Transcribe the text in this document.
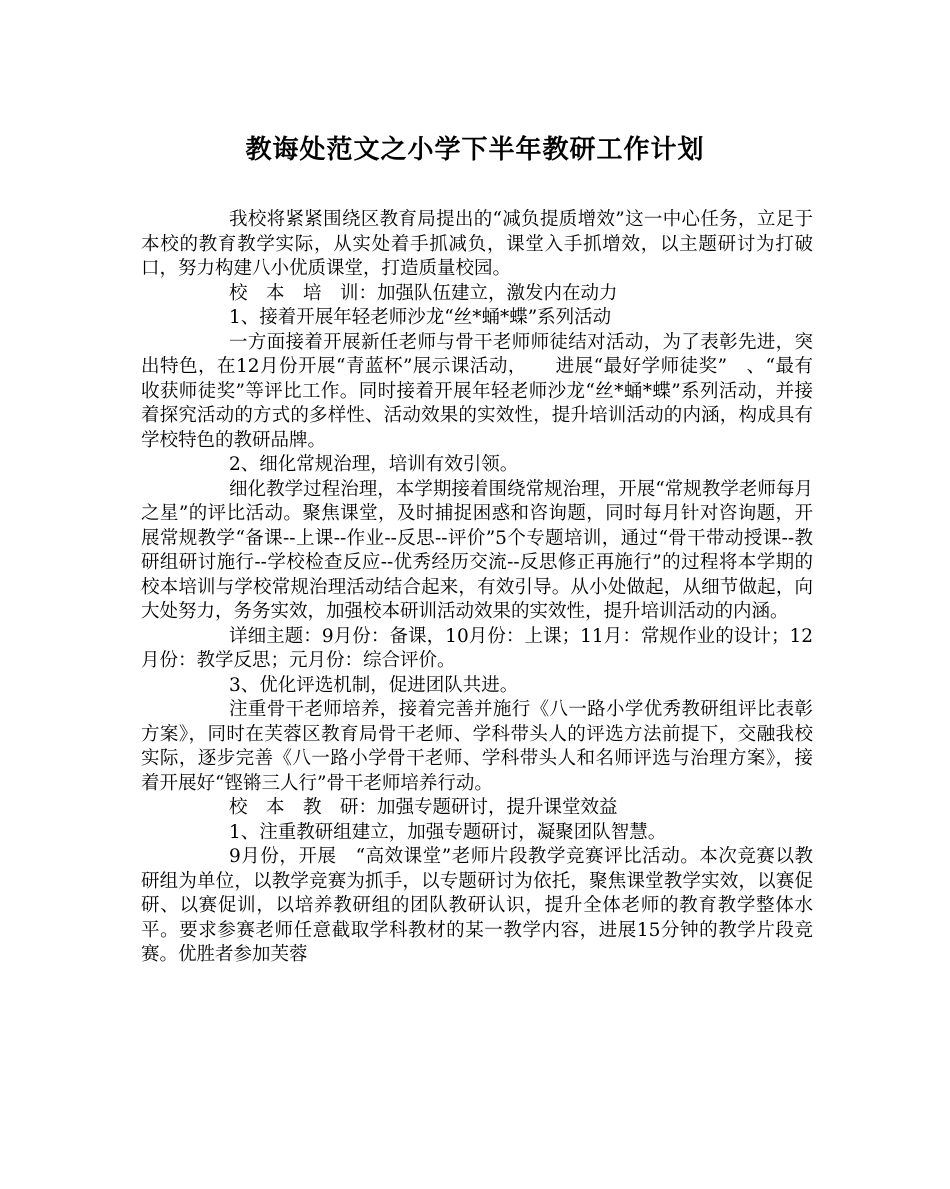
教诲处范文之小学下半年教研工作计划

我校将紧紧围绕区教育局提出的“减负提质增效”这一中心任务，立足于本校的教育教学实际，从实处着手抓减负，课堂入手抓增效，以主题研讨为打破口，努力构建八小优质课堂，打造质量校园。

校　本　培　训：加强队伍建立，激发内在动力

1、接着开展年轻老师沙龙“丝*蛹*蝶”系列活动

一方面接着开展新任老师与骨干老师师徒结对活动，为了表彰先进，突出特色，在12月份开展“青蓝杯”展示课活动，　　进展“最好学师徒奖”　、“最有收获师徒奖”等评比工作。同时接着开展年轻老师沙龙“丝*蛹*蝶”系列活动，并接着探究活动的方式的多样性、活动效果的实效性，提升培训活动的内涵，构成具有学校特色的教研品牌。

2、细化常规治理，培训有效引领。

细化教学过程治理，本学期接着围绕常规治理，开展“常规教学老师每月之星”的评比活动。聚焦课堂，及时捕捉困惑和咨询题，同时每月针对咨询题，开展常规教学“备课--上课--作业--反思--评价”5个专题培训，通过“骨干带动授课--教研组研讨施行--学校检查反应--优秀经历交流--反思修正再施行”的过程将本学期的校本培训与学校常规治理活动结合起来，有效引导。从小处做起，从细节做起，向大处努力，务务实效，加强校本研训活动效果的实效性，提升培训活动的内涵。

详细主题：9月份：备课，10月份：上课；11月：常规作业的设计；12月份：教学反思；元月份：综合评价。

3、优化评选机制，促进团队共进。

注重骨干老师培养，接着完善并施行《八一路小学优秀教研组评比表彰方案》，同时在芙蓉区教育局骨干老师、学科带头人的评选方法前提下，交融我校实际，逐步完善《八一路小学骨干老师、学科带头人和名师评选与治理方案》，接着开展好“铿锵三人行”骨干老师培养行动。

校　本　教　研：加强专题研讨，提升课堂效益

1、注重教研组建立，加强专题研讨，凝聚团队智慧。

9月份，开展　“高效课堂”老师片段教学竞赛评比活动。本次竞赛以教研组为单位，以教学竞赛为抓手，以专题研讨为依托，聚焦课堂教学实效，以赛促研、以赛促训，以培养教研组的团队教研认识，提升全体老师的教育教学整体水平。要求参赛老师任意截取学科教材的某一教学内容，进展15分钟的教学片段竞赛。优胜者参加芙蓉
